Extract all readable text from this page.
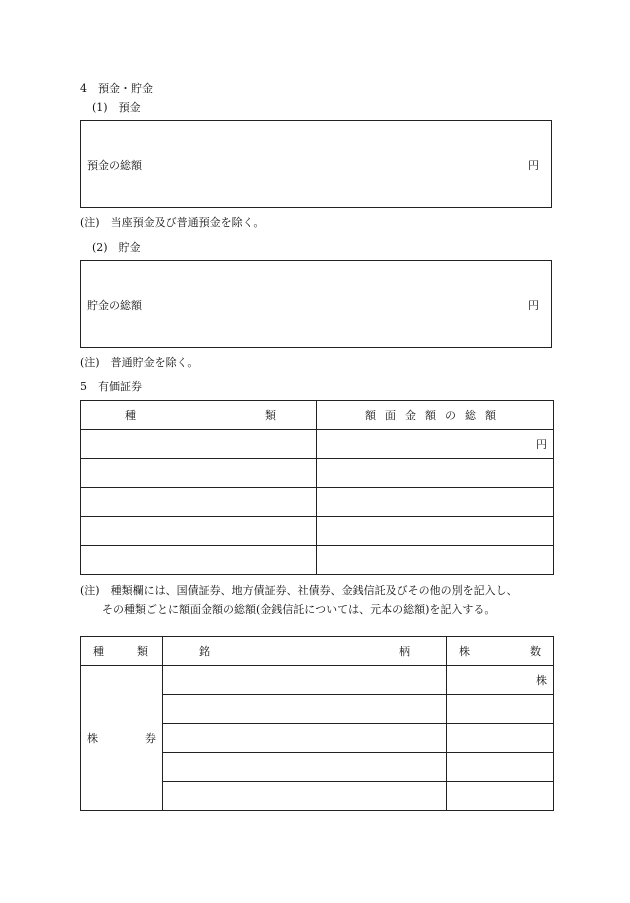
4　預金・貯金
(1)　預金
預金の総額	円
(注)　当座預金及び普通預金を除く。
(2)　貯金
貯金の総額	円
(注)　普通貯金を除く。
5　有価証券
種 類	額面金額の総額
	円

(注)　種類欄には、国債証券、地方債証券、社債券、金銭信託及びその他の別を記入し、
その種類ごとに額面金額の総額(金銭信託については、元本の総額)を記入する。
種 類	銘 柄	株 数

株 券		株
